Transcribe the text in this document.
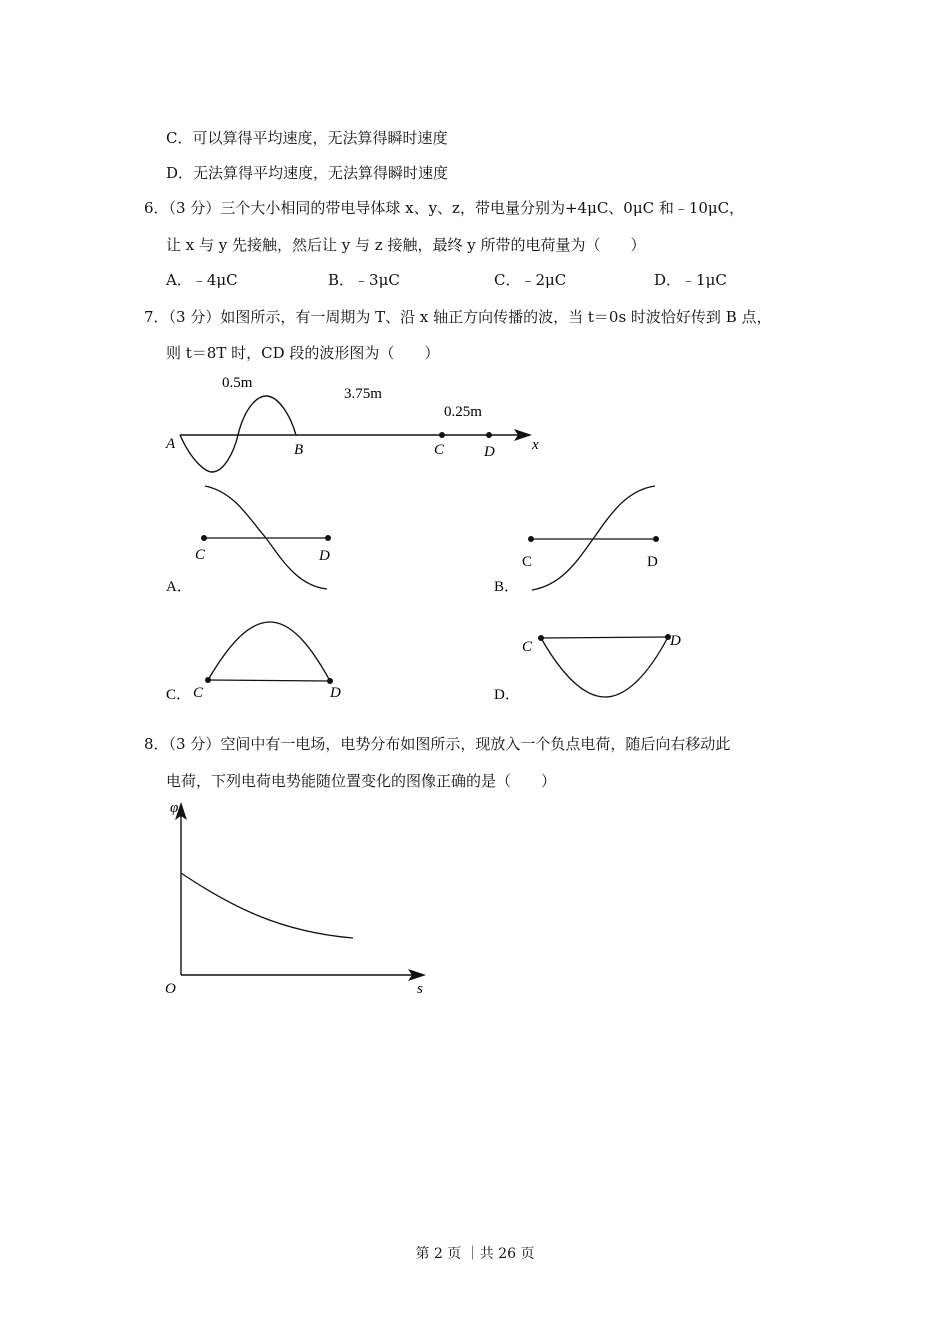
C．可以算得平均速度，无法算得瞬时速度
D．无法算得平均速度，无法算得瞬时速度
6．（3 分）三个大小相同的带电导体球 x、y、z，带电量分别为+4μC、0μC 和﹣10μC，
让 x 与 y 先接触，然后让 y 与 z 接触，最终 y 所带的电荷量为（　　）
A．﹣4μC	B．﹣3μC	C．﹣2μC	D．﹣1μC
7．（3 分）如图所示，有一周期为 T、沿 x 轴正方向传播的波，当 t＝0s 时波恰好传到 B 点，
则 t＝8T 时，CD 段的波形图为（　　）
0.5m
3.75m
0.25m
A	B	C	D x
C	D
A．
C	D
B．
C	D
C．
C	D
D．
8．（3 分）空间中有一电场，电势分布如图所示，现放入一个负点电荷，随后向右移动此
电荷，下列电荷电势能随位置变化的图像正确的是（　　）
φ
s
O
第 2 页 ｜共 26 页
